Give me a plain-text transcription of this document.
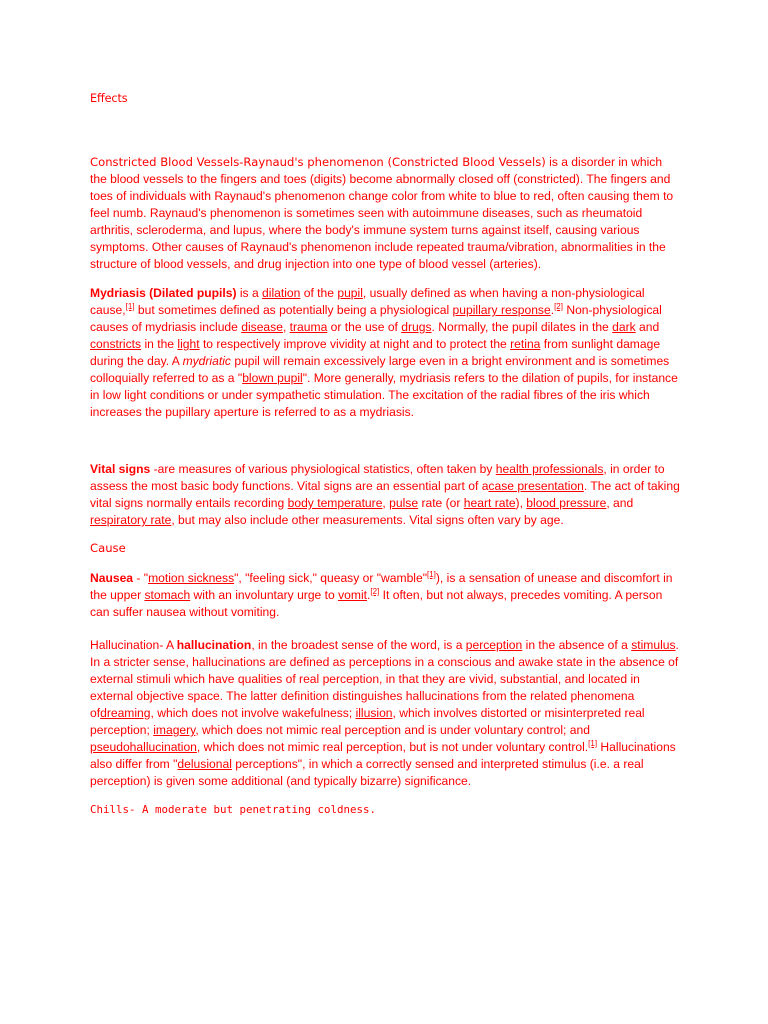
Effects

Constricted Blood Vessels-Raynaud's phenomenon (Constricted Blood Vessels) is a disorder in which the blood vessels to the fingers and toes (digits) become abnormally closed off (constricted). The fingers and toes of individuals with Raynaud's phenomenon change color from white to blue to red, often causing them to feel numb. Raynaud's phenomenon is sometimes seen with autoimmune diseases, such as rheumatoid arthritis, scleroderma, and lupus, where the body's immune system turns against itself, causing various symptoms. Other causes of Raynaud's phenomenon include repeated trauma/vibration, abnormalities in the structure of blood vessels, and drug injection into one type of blood vessel (arteries).

Mydriasis (Dilated pupils) is a dilation of the pupil, usually defined as when having a non-physiological cause,[1] but sometimes defined as potentially being a physiological pupillary response.[2] Non-physiological causes of mydriasis include disease, trauma or the use of drugs. Normally, the pupil dilates in the dark and constricts in the light to respectively improve vividity at night and to protect the retina from sunlight damage during the day. A mydriatic pupil will remain excessively large even in a bright environment and is sometimes colloquially referred to as a "blown pupil". More generally, mydriasis refers to the dilation of pupils, for instance in low light conditions or under sympathetic stimulation. The excitation of the radial fibres of the iris which increases the pupillary aperture is referred to as a mydriasis.

Vital signs -are measures of various physiological statistics, often taken by health professionals, in order to assess the most basic body functions. Vital signs are an essential part of acase presentation. The act of taking vital signs normally entails recording body temperature, pulse rate (or heart rate), blood pressure, and respiratory rate, but may also include other measurements. Vital signs often vary by age.

Cause

Nausea - "motion sickness", "feeling sick," queasy or "wamble"[1]), is a sensation of unease and discomfort in the upper stomach with an involuntary urge to vomit.[2] It often, but not always, precedes vomiting. A person can suffer nausea without vomiting.

Hallucination- A hallucination, in the broadest sense of the word, is a perception in the absence of a stimulus. In a stricter sense, hallucinations are defined as perceptions in a conscious and awake state in the absence of external stimuli which have qualities of real perception, in that they are vivid, substantial, and located in external objective space. The latter definition distinguishes hallucinations from the related phenomena ofdreaming, which does not involve wakefulness; illusion, which involves distorted or misinterpreted real perception; imagery, which does not mimic real perception and is under voluntary control; and pseudohallucination, which does not mimic real perception, but is not under voluntary control.[1] Hallucinations also differ from "delusional perceptions", in which a correctly sensed and interpreted stimulus (i.e. a real perception) is given some additional (and typically bizarre) significance.

Chills- A moderate but penetrating coldness.
